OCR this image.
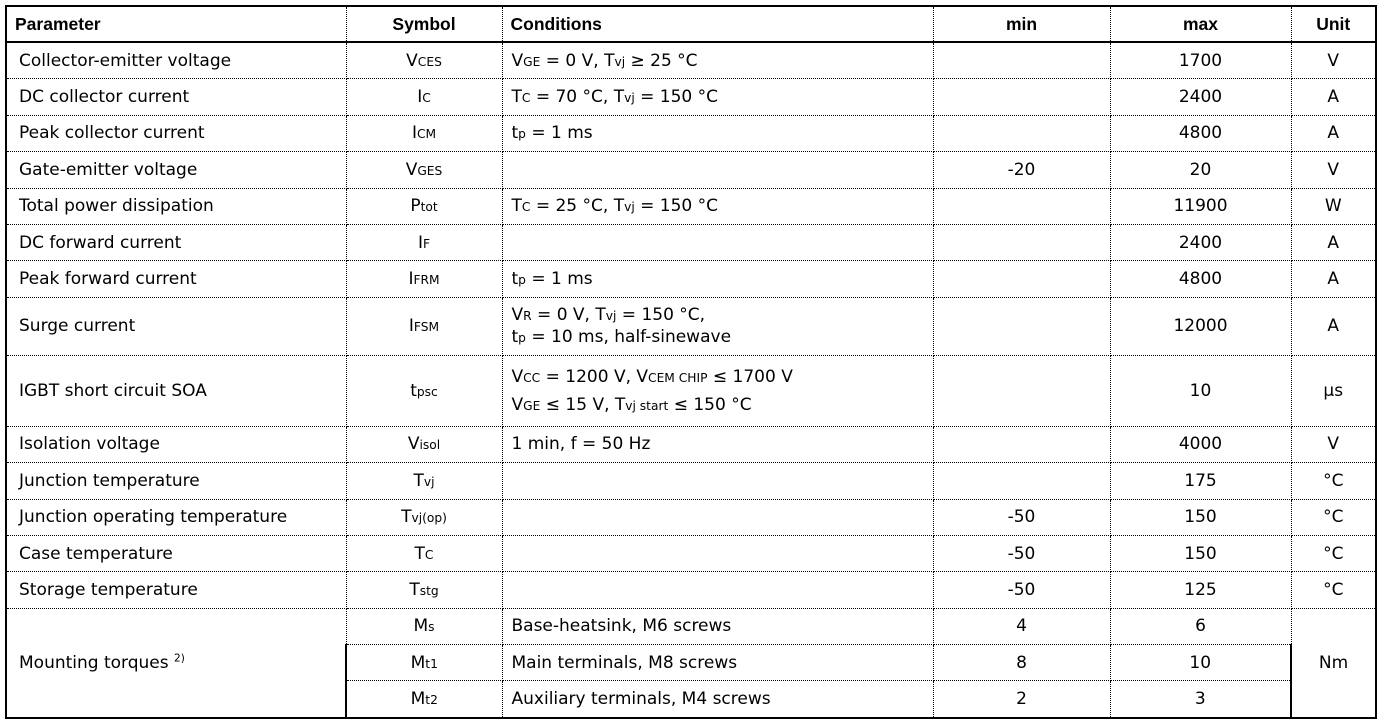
Parameter	Symbol	Conditions	min	max	Unit
Collector-emitter voltage	VCES	VGE = 0 V, Tvj ≥ 25 °C		1700	V
DC collector current	IC	TC = 70 °C, Tvj = 150 °C		2400	A
Peak collector current	ICM	tp = 1 ms		4800	A
Gate-emitter voltage	VGES		-20	20	V
Total power dissipation	Ptot	TC = 25 °C, Tvj = 150 °C		11900	W
DC forward current	IF			2400	A
Peak forward current	IFRM	tp = 1 ms		4800	A
Surge current	IFSM	VR = 0 V, Tvj = 150 °C,
tp = 10 ms, half-sinewave		12000	A
IGBT short circuit SOA	tpsc	VCC = 1200 V, VCEM CHIP ≤ 1700 V
VGE ≤ 15 V, Tvj start ≤ 150 °C		10	µs
Isolation voltage	Visol	1 min, f = 50 Hz		4000	V
Junction temperature	Tvj			175	°C
Junction operating temperature	Tvj(op)		-50	150	°C
Case temperature	TC		-50	150	°C
Storage temperature	Tstg		-50	125	°C
Mounting torques $^{2)}$	Ms	Base-heatsink, M6 screws	4	6	Nm
	Mt1	Main terminals, M8 screws	8	10	
	Mt2	Auxiliary terminals, M4 screws	2	3	
